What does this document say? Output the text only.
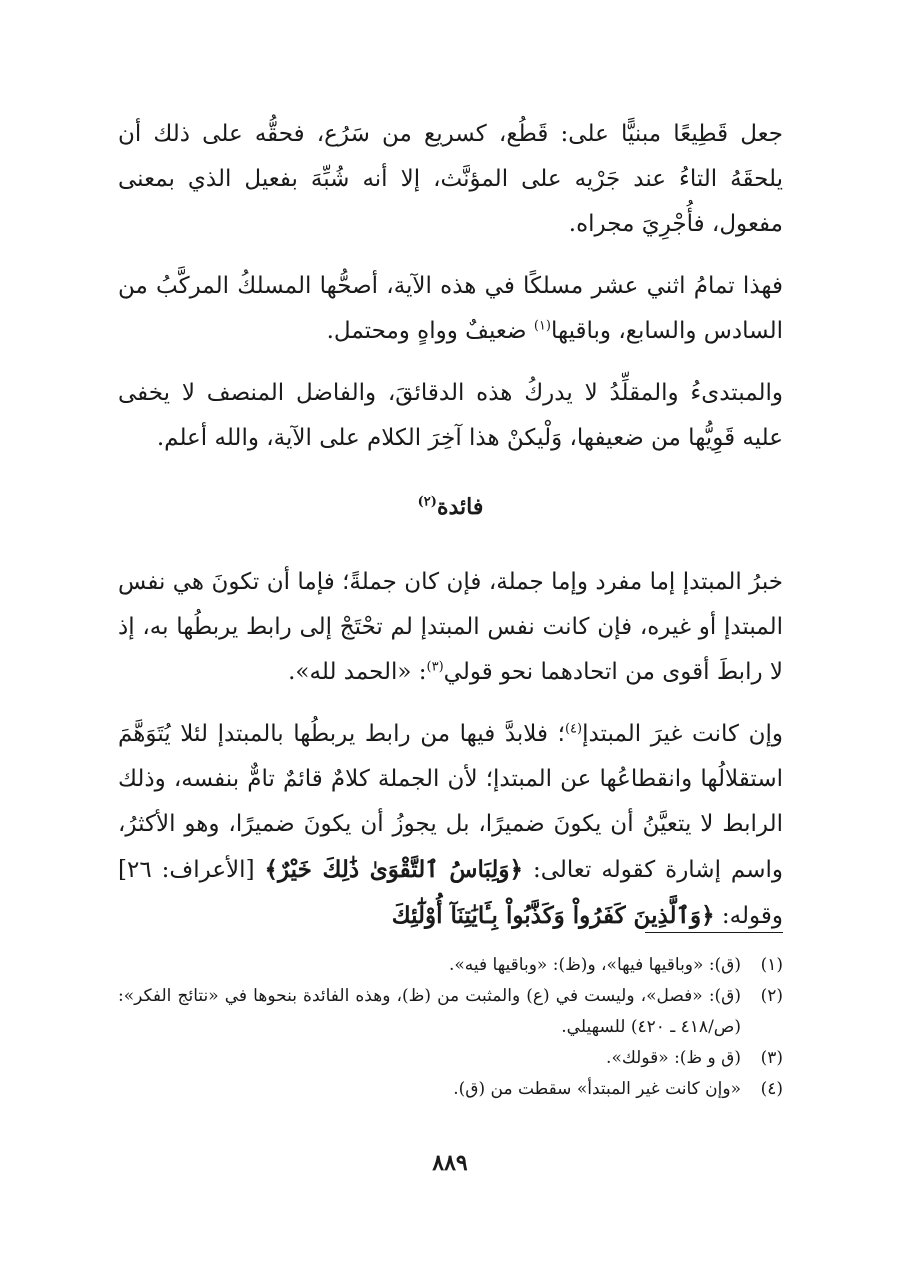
جعل قَطِيعًا مبنيًّا على: قَطُع، كسريع من سَرُع، فحقُّه على ذلك أن يلحقَهُ التاءُ عند جَرْيه على المؤنَّث، إلا أنه شُبِّهَ بفعيل الذي بمعنى مفعول، فأُجْرِيَ مجراه.

فهذا تمامُ اثني عشر مسلكًا في هذه الآية، أصحُّها المسلكُ المركَّبُ من السادس والسابع، وباقيها$^{(١)}$ ضعيفٌ وواهٍ ومحتمل.

والمبتدىءُ والمقلِّدُ لا يدركُ هذه الدقائقَ، والفاضل المنصف لا يخفى عليه قَوِيُّها من ضعيفها، وَلْيكنْ هذا آخِرَ الكلام على الآية، والله أعلم.

فائدة$^{(٢)}$

خبرُ المبتدإ إما مفرد وإما جملة، فإن كان جملةً؛ فإما أن تكونَ هي نفس المبتدإ أو غيره، فإن كانت نفس المبتدإ لم تحْتَجْ إلى رابط يربطُها به، إذ لا رابطَ أقوى من اتحادهما نحو قولي$^{(٣)}$: «الحمد لله».

وإن كانت غيرَ المبتدإ$^{(٤)}$؛ فلابدَّ فيها من رابط يربطُها بالمبتدإ لئلا يُتَوَهَّمَ استقلالُها وانقطاعُها عن المبتدإ؛ لأن الجملة كلامٌ قائمٌ تامٌّ بنفسه، وذلك الرابط لا يتعيَّنُ أن يكونَ ضميرًا، بل يجوزُ أن يكونَ ضميرًا، وهو الأكثرُ، واسم إشارة كقوله تعالى: ﴿وَلِبَاسُ ٱلتَّقْوَىٰ ذَٰلِكَ خَيْرٌ﴾ [الأعراف: ٢٦] وقوله: ﴿وَٱلَّذِينَ كَفَرُواْ وَكَذَّبُواْ بِـَٔايَٰتِنَآ أُوْلَٰٓئِكَ

(١)
(ق): «وباقيها فيها»، و(ظ): «وباقيها فيه».
(٢)
(ق): «فصل»، وليست في (ع) والمثبت من (ظ)، وهذه الفائدة بنحوها في «نتائج الفكر»: (ص/٤١٨ ـ ٤٢٠) للسهيلي.
(٣)
(ق و ظ): «قولك».
(٤)
«وإن كانت غير المبتدأ» سقطت من (ق).
٨٨٩
